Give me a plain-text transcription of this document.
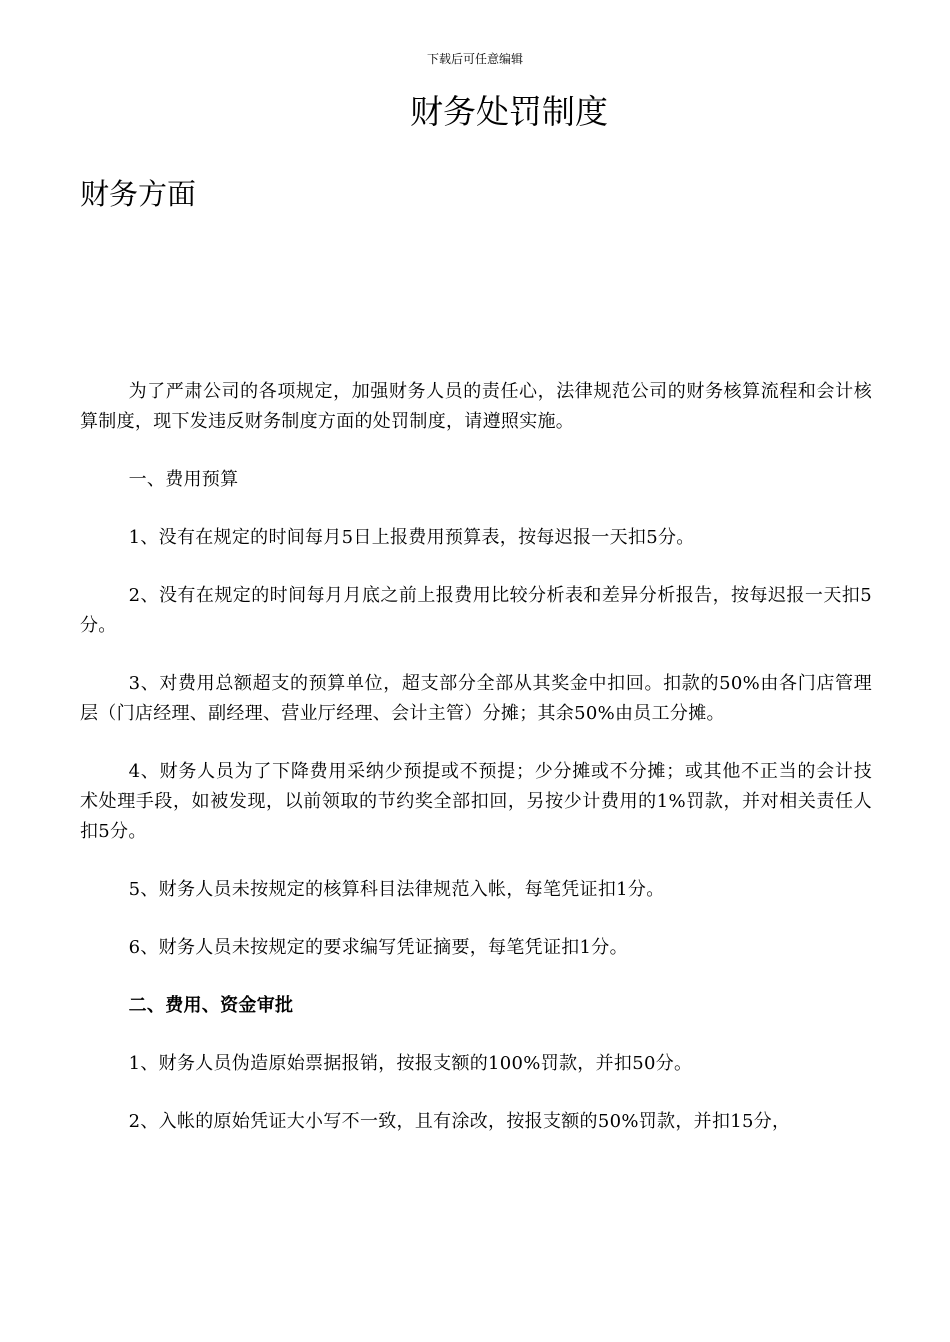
下载后可任意编辑
财务处罚制度
财务方面

为了严肃公司的各项规定，加强财务人员的责任心，法律规范公司的财务核算流程和会计核算制度，现下发违反财务制度方面的处罚制度，请遵照实施。

一、费用预算

1、没有在规定的时间每月5日上报费用预算表，按每迟报一天扣5分。

2、没有在规定的时间每月月底之前上报费用比较分析表和差异分析报告，按每迟报一天扣5分。

3、对费用总额超支的预算单位，超支部分全部从其奖金中扣回。扣款的50%由各门店管理层（门店经理、副经理、营业厅经理、会计主管）分摊；其余50%由员工分摊。

4、财务人员为了下降费用采纳少预提或不预提；少分摊或不分摊；或其他不正当的会计技术处理手段，如被发现，以前领取的节约奖全部扣回，另按少计费用的1%罚款，并对相关责任人扣5分。

5、财务人员未按规定的核算科目法律规范入帐，每笔凭证扣1分。

6、财务人员未按规定的要求编写凭证摘要，每笔凭证扣1分。

二、费用、资金审批

1、财务人员伪造原始票据报销，按报支额的100%罚款，并扣50分。

2、入帐的原始凭证大小写不一致，且有涂改，按报支额的50%罚款，并扣15分，
